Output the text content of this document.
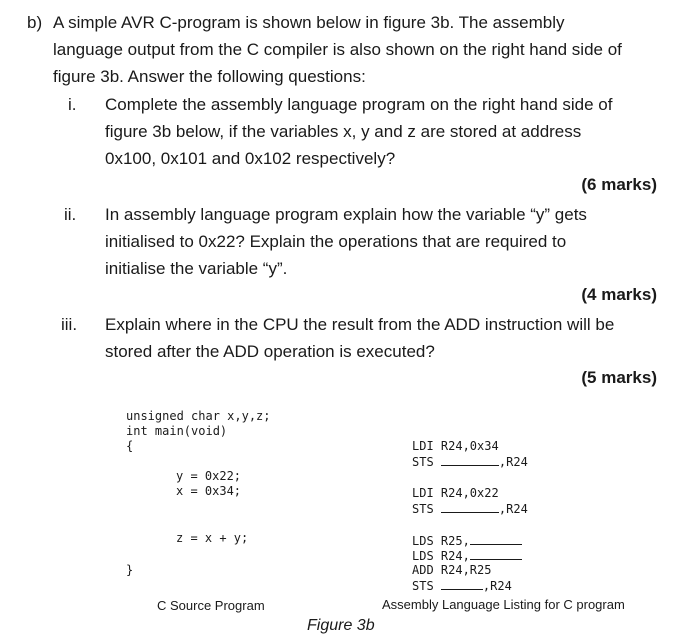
b) A simple AVR C-program is shown below in figure 3b. The assembly
language output from the C compiler is also shown on the right hand side of
figure 3b. Answer the following questions:
i. Complete the assembly language program on the right hand side of
figure 3b below, if the variables x, y and z are stored at address
0x100, 0x101 and 0x102 respectively?
(6 marks)
ii. In assembly language program explain how the variable “y” gets
initialised to 0x22? Explain the operations that are required to
initialise the variable “y”.
(4 marks)
iii. Explain where in the CPU the result from the ADD instruction will be
stored after the ADD operation is executed?
(5 marks)
unsigned char x,y,z;
int main(void)
{
y = 0x22;
x = 0x34;
z = x + y;
}
LDI R24,0x34
STS	,R24
LDI R24,0x22
STS	,R24
LDS R25,
LDS R24,
ADD R24,R25
STS	,R24
C Source Program	Assembly Language Listing for C program
Figure 3b
